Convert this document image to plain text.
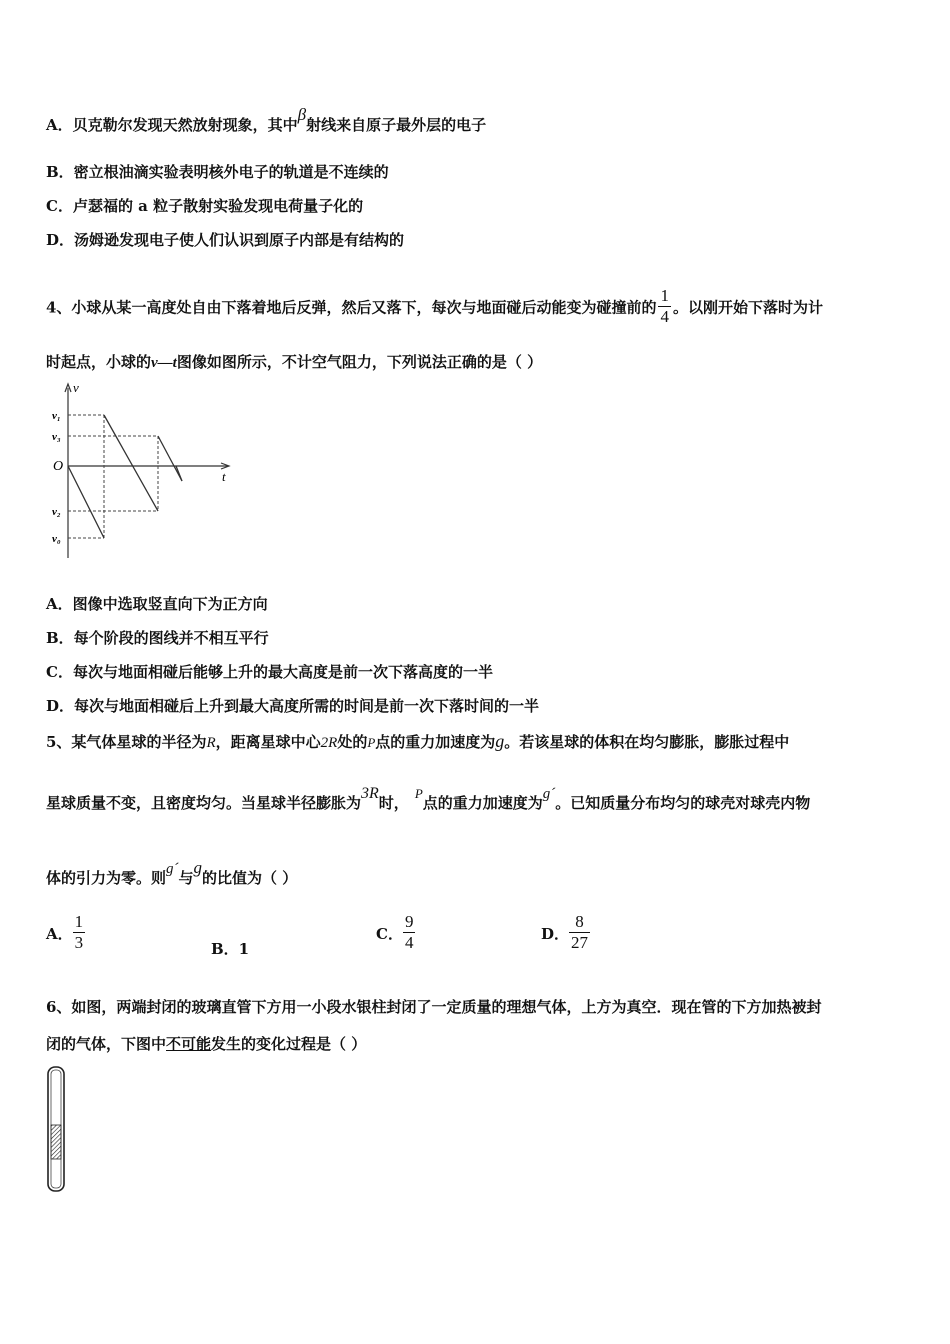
A．贝克勒尔发现天然放射现象，其中β射线来自原子最外层的电子
B．密立根油滴实验表明核外电子的轨道是不连续的
C．卢瑟福的 a 粒子散射实验发现电荷量子化的
D．汤姆逊发现电子使人们认识到原子内部是有结构的
4、小球从某一高度处自由下落着地后反弹，然后又落下，每次与地面碰后动能变为碰撞前的 $\frac{1}{4}$ 。以刚开始下落时为计
时起点，小球的v—t图像如图所示，不计空气阻力，下列说法正确的是（ ）
O
v
t
v₁
v₃
v₂
v₀
A．图像中选取竖直向下为正方向
B．每个阶段的图线并不相互平行
C．每次与地面相碰后能够上升的最大高度是前一次下落高度的一半
D．每次与地面相碰后上升到最大高度所需的时间是前一次下落时间的一半
5、某气体星球的半径为R，距离星球中心2R处的P点的重力加速度为g。若该星球的体积在均匀膨胀，膨胀过程中
星球质量不变，且密度均匀。当星球半径膨胀为3R时，P点的重力加速度为g´。已知质量分布均匀的球壳对球壳内物
体的引力为零。则g´与g的比值为（ ）
A． $\frac{1}{3}$	B．1
C． $\frac{9}{4}$	D． $\frac{8}{27}$
6、如图，两端封闭的玻璃直管下方用一小段水银柱封闭了一定质量的理想气体，上方为真空．现在管的下方加热被封
闭的气体，下图中不可能发生的变化过程是（ ）
